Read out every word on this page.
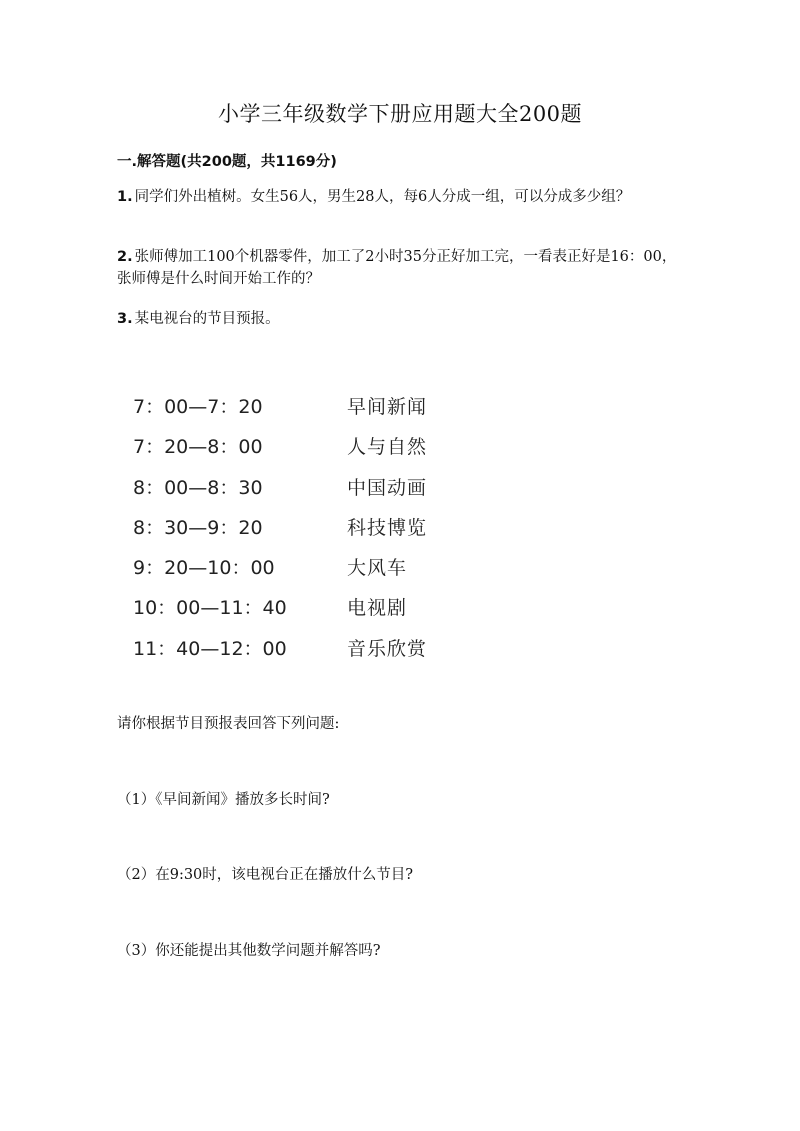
小学三年级数学下册应用题大全200题
一.解答题(共200题，共1169分)
1. 同学们外出植树。女生56人，男生28人，每6人分成一组，可以分成多少组？
2. 张师傅加工100个机器零件，加工了2小时35分正好加工完，一看表正好是16：00，张师傅是什么时间开始工作的？
3. 某电视台的节目预报。
7：00—7：20	早间新闻
7：20—8：00	人与自然
8：00—8：30	中国动画
8：30—9：20	科技博览
9：20—10：00	大风车
10：00—11：40	电视剧
11：40—12：00	音乐欣赏
请你根据节目预报表回答下列问题:
（1）《早间新闻》播放多长时间?
（2）在9:30时，该电视台正在播放什么节目?
（3）你还能提出其他数学问题并解答吗?
